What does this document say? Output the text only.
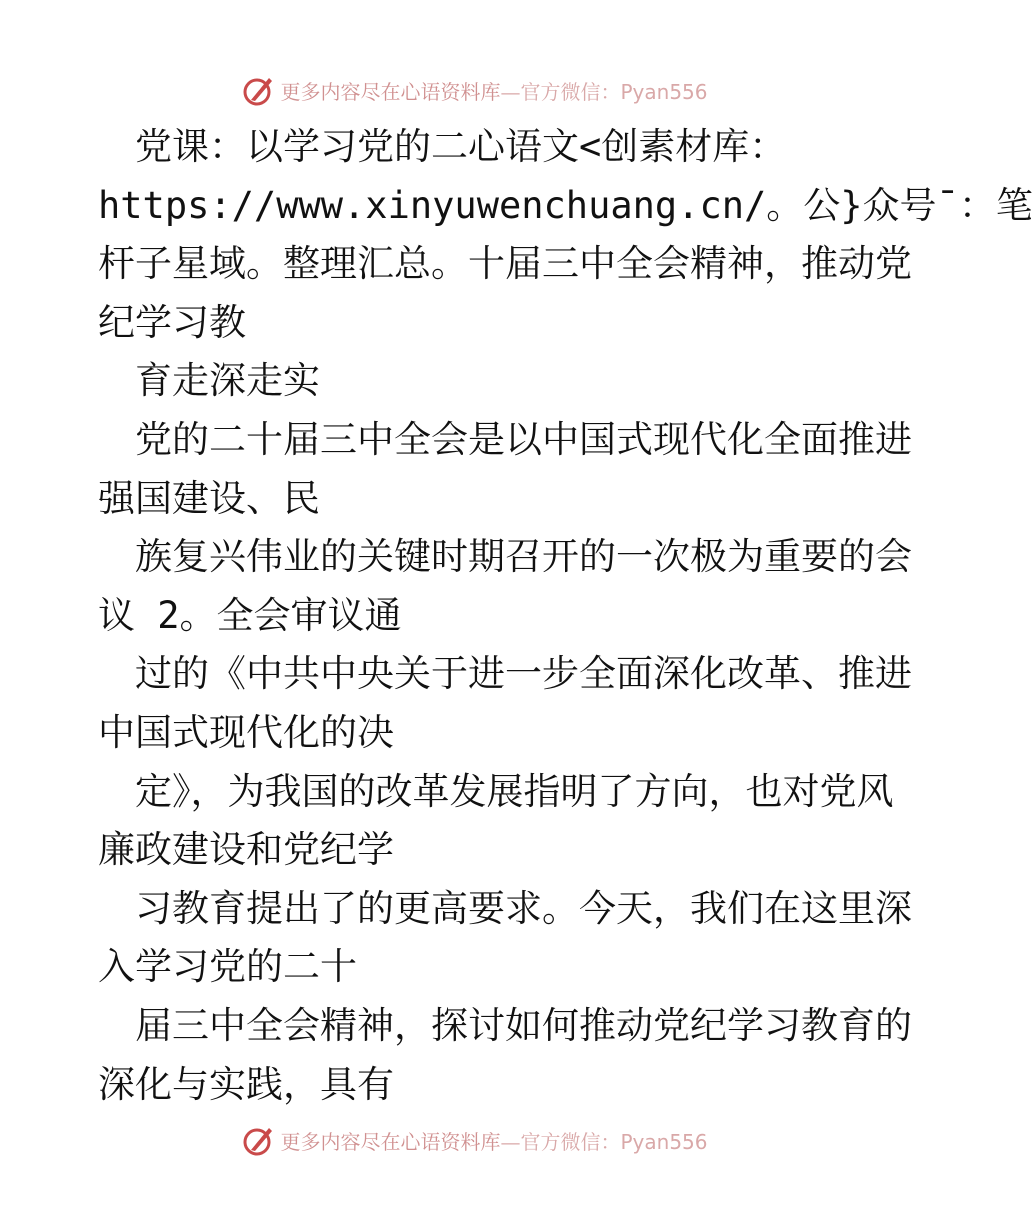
更多内容尽在心语资料库—官方微信：Pyan556
党课：以学习党的二心语文<创素材库：
https://www.xinyuwenchuang.cn/。公}众号¯：笔
杆子星域。整理汇总。十届三中全会精神，推动党
纪学习教
育走深走实
党的二十届三中全会是以中国式现代化全面推进
强国建设、民
族复兴伟业的关键时期召开的一次极为重要的会
议 2。全会审议通
过的《中共中央关于进一步全面深化改革、推进
中国式现代化的决
定》，为我国的改革发展指明了方向，也对党风
廉政建设和党纪学
习教育提出了的更高要求。今天，我们在这里深
入学习党的二十
届三中全会精神，探讨如何推动党纪学习教育的
深化与实践，具有
更多内容尽在心语资料库—官方微信：Pyan556
